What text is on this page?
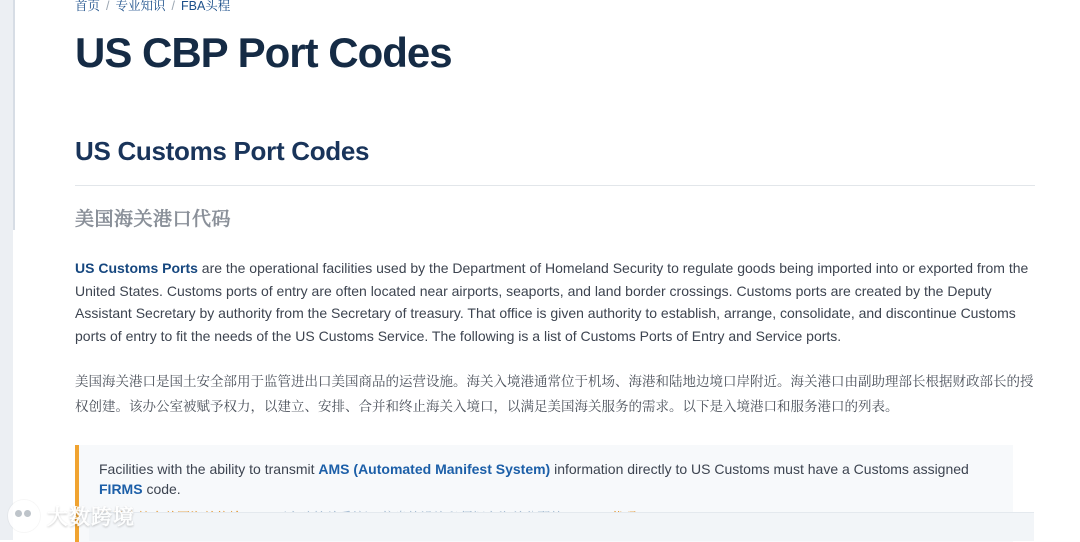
首页 / 专业知识 / FBA头程
US CBP Port Codes
US Customs Port Codes
美国海关港口代码

US Customs Ports are the operational facilities used by the Department of Homeland Security to regulate goods being imported into or exported from the United States. Customs ports of entry are often located near airports, seaports, and land border crossings. Customs ports are created by the Deputy Assistant Secretary by authority from the Secretary of treasury. That office is given authority to establish, arrange, consolidate, and discontinue Customs ports of entry to fit the needs of the US Customs Service. The following is a list of Customs Ports of Entry and Service ports.

美国海关港口是国土安全部用于监管进出口美国商品的运营设施。海关入境港通常位于机场、海港和陆地边境口岸附近。海关港口由副助理部长根据财政部长的授权创建。该办公室被赋予权力，以建立、安排、合并和终止海关入境口，以满足美国海关服务的需求。以下是入境港口和服务港口的列表。

Facilities with the ability to transmit AMS (Automated Manifest System) information directly to US Customs must have a Customs assigned FIRMS code.
大数跨境
